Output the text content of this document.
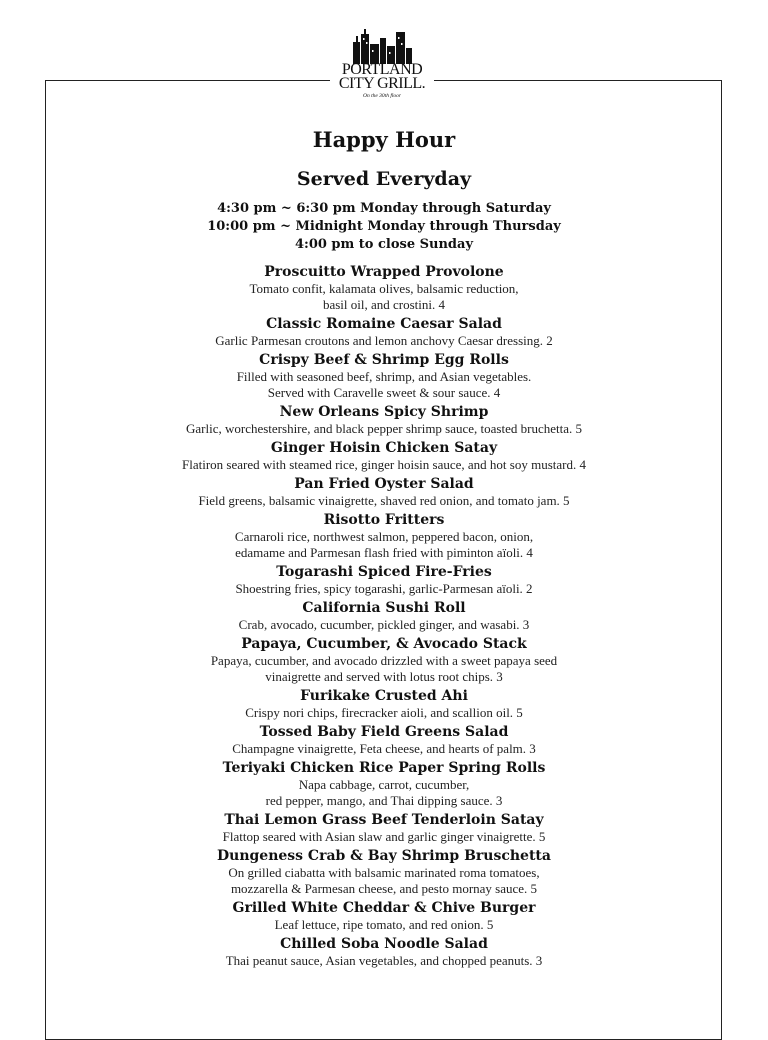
PORTLAND
CITY GRILL.
On the 30th floor
Happy Hour
Served Everyday
4:30 pm ~ 6:30 pm Monday through Saturday
10:00 pm ~ Midnight Monday through Thursday
4:00 pm to close Sunday
Proscuitto Wrapped Provolone
Tomato confit, kalamata olives, balsamic reduction,
basil oil, and crostini. 4
Classic Romaine Caesar Salad
Garlic Parmesan croutons and lemon anchovy Caesar dressing. 2
Crispy Beef & Shrimp Egg Rolls
Filled with seasoned beef, shrimp, and Asian vegetables.
Served with Caravelle sweet & sour sauce. 4
New Orleans Spicy Shrimp
Garlic, worchestershire, and black pepper shrimp sauce, toasted bruchetta. 5
Ginger Hoisin Chicken Satay
Flatiron seared with steamed rice, ginger hoisin sauce, and hot soy mustard. 4
Pan Fried Oyster Salad
Field greens, balsamic vinaigrette, shaved red onion, and tomato jam. 5
Risotto Fritters
Carnaroli rice, northwest salmon, peppered bacon, onion,
edamame and Parmesan flash fried with piminton aïoli. 4
Togarashi Spiced Fire-Fries
Shoestring fries, spicy togarashi, garlic-Parmesan aïoli. 2
California Sushi Roll
Crab, avocado, cucumber, pickled ginger, and wasabi. 3
Papaya, Cucumber, & Avocado Stack
Papaya, cucumber, and avocado drizzled with a sweet papaya seed
vinaigrette and served with lotus root chips. 3
Furikake Crusted Ahi
Crispy nori chips, firecracker aioli, and scallion oil. 5
Tossed Baby Field Greens Salad
Champagne vinaigrette, Feta cheese, and hearts of palm. 3
Teriyaki Chicken Rice Paper Spring Rolls
Napa cabbage, carrot, cucumber,
red pepper, mango, and Thai dipping sauce. 3
Thai Lemon Grass Beef Tenderloin Satay
Flattop seared with Asian slaw and garlic ginger vinaigrette. 5
Dungeness Crab & Bay Shrimp Bruschetta
On grilled ciabatta with balsamic marinated roma tomatoes,
mozzarella & Parmesan cheese, and pesto mornay sauce. 5
Grilled White Cheddar & Chive Burger
Leaf lettuce, ripe tomato, and red onion. 5
Chilled Soba Noodle Salad
Thai peanut sauce, Asian vegetables, and chopped peanuts. 3
